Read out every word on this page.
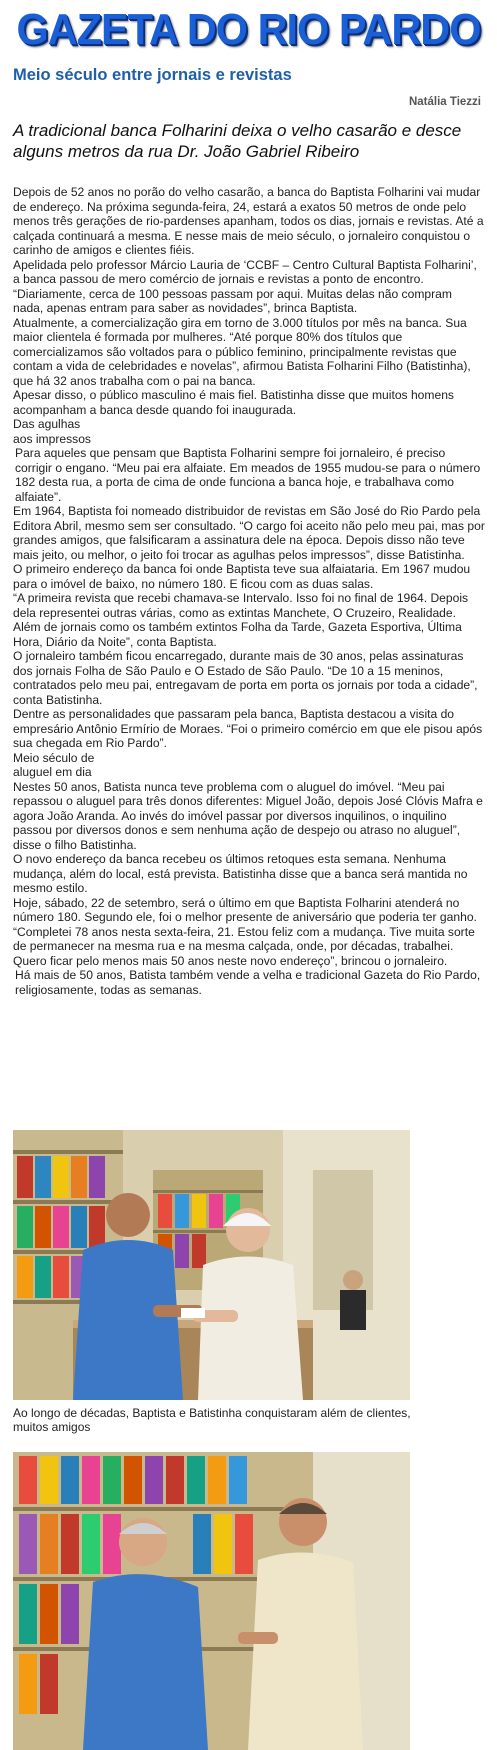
GAZETA DO RIO PARDO
Meio século entre jornais e revistas
Natália Tiezzi
A tradicional banca Folharini deixa o velho casarão e desce alguns metros da rua Dr. João Gabriel Ribeiro

Depois de 52 anos no porão do velho casarão, a banca do Baptista Folharini vai mudar de endereço. Na próxima segunda-feira, 24, estará a exatos 50 metros de onde pelo menos três gerações de rio-pardenses apanham, todos os dias, jornais e revistas. Até a calçada continuará a mesma. E nesse mais de meio século, o jornaleiro conquistou o carinho de amigos e clientes fiéis.

Apelidada pelo professor Márcio Lauria de ‘CCBF – Centro Cultural Baptista Folharini’, a banca passou de mero comércio de jornais e revistas a ponto de encontro. “Diariamente, cerca de 100 pessoas passam por aqui. Muitas delas não compram nada, apenas entram para saber as novidades”, brinca Baptista.

Atualmente, a comercialização gira em torno de 3.000 títulos por mês na banca. Sua maior clientela é formada por mulheres. “Até porque 80% dos títulos que comercializamos são voltados para o público feminino, principalmente revistas que contam a vida de celebridades e novelas”, afirmou Batista Folharini Filho (Batistinha), que há 32 anos trabalha com o pai na banca.

Apesar disso, o público masculino é mais fiel. Batistinha disse que muitos homens acompanham a banca desde quando foi inaugurada.

Das agulhas

aos impressos

Para aqueles que pensam que Baptista Folharini sempre foi jornaleiro, é preciso corrigir o engano. “Meu pai era alfaiate. Em meados de 1955 mudou-se para o número 182 desta rua, a porta de cima de onde funciona a banca hoje, e trabalhava como alfaiate”.

Em 1964, Baptista foi nomeado distribuidor de revistas em São José do Rio Pardo pela Editora Abril, mesmo sem ser consultado. “O cargo foi aceito não pelo meu pai, mas por grandes amigos, que falsificaram a assinatura dele na época. Depois disso não teve mais jeito, ou melhor, o jeito foi trocar as agulhas pelos impressos”, disse Batistinha.

O primeiro endereço da banca foi onde Baptista teve sua alfaiataria. Em 1967 mudou para o imóvel de baixo, no número 180. E ficou com as duas salas.

“A primeira revista que recebi chamava-se Intervalo. Isso foi no final de 1964. Depois dela representei outras várias, como as extintas Manchete, O Cruzeiro, Realidade. Além de jornais como os também extintos Folha da Tarde, Gazeta Esportiva, Última Hora, Diário da Noite”, conta Baptista.

O jornaleiro também ficou encarregado, durante mais de 30 anos, pelas assinaturas dos jornais Folha de São Paulo e O Estado de São Paulo. “De 10 a 15 meninos, contratados pelo meu pai, entregavam de porta em porta os jornais por toda a cidade”, conta Batistinha.

Dentre as personalidades que passaram pela banca, Baptista destacou a visita do empresário Antônio Ermírio de Moraes. “Foi o primeiro comércio em que ele pisou após sua chegada em Rio Pardo”.

Meio século de

aluguel em dia

Nestes 50 anos, Batista nunca teve problema com o aluguel do imóvel. “Meu pai repassou o aluguel para três donos diferentes: Miguel João, depois José Clóvis Mafra e agora João Aranda. Ao invés do imóvel passar por diversos inquilinos, o inquilino passou por diversos donos e sem nenhuma ação de despejo ou atraso no aluguel”, disse o filho Batistinha.

O novo endereço da banca recebeu os últimos retoques esta semana. Nenhuma mudança, além do local, está prevista. Batistinha disse que a banca será mantida no mesmo estilo.

Hoje, sábado, 22 de setembro, será o último em que Baptista Folharini atenderá no número 180. Segundo ele, foi o melhor presente de aniversário que poderia ter ganho. “Completei 78 anos nesta sexta-feira, 21. Estou feliz com a mudança. Tive muita sorte de permanecer na mesma rua e na mesma calçada, onde, por décadas, trabalhei. Quero ficar pelo menos mais 50 anos neste novo endereço”, brincou o jornaleiro.

Há mais de 50 anos, Batista também vende a velha e tradicional Gazeta do Rio Pardo, religiosamente, todas as semanas.

Ao longo de décadas, Baptista e Batistinha conquistaram além de clientes, muitos amigos
